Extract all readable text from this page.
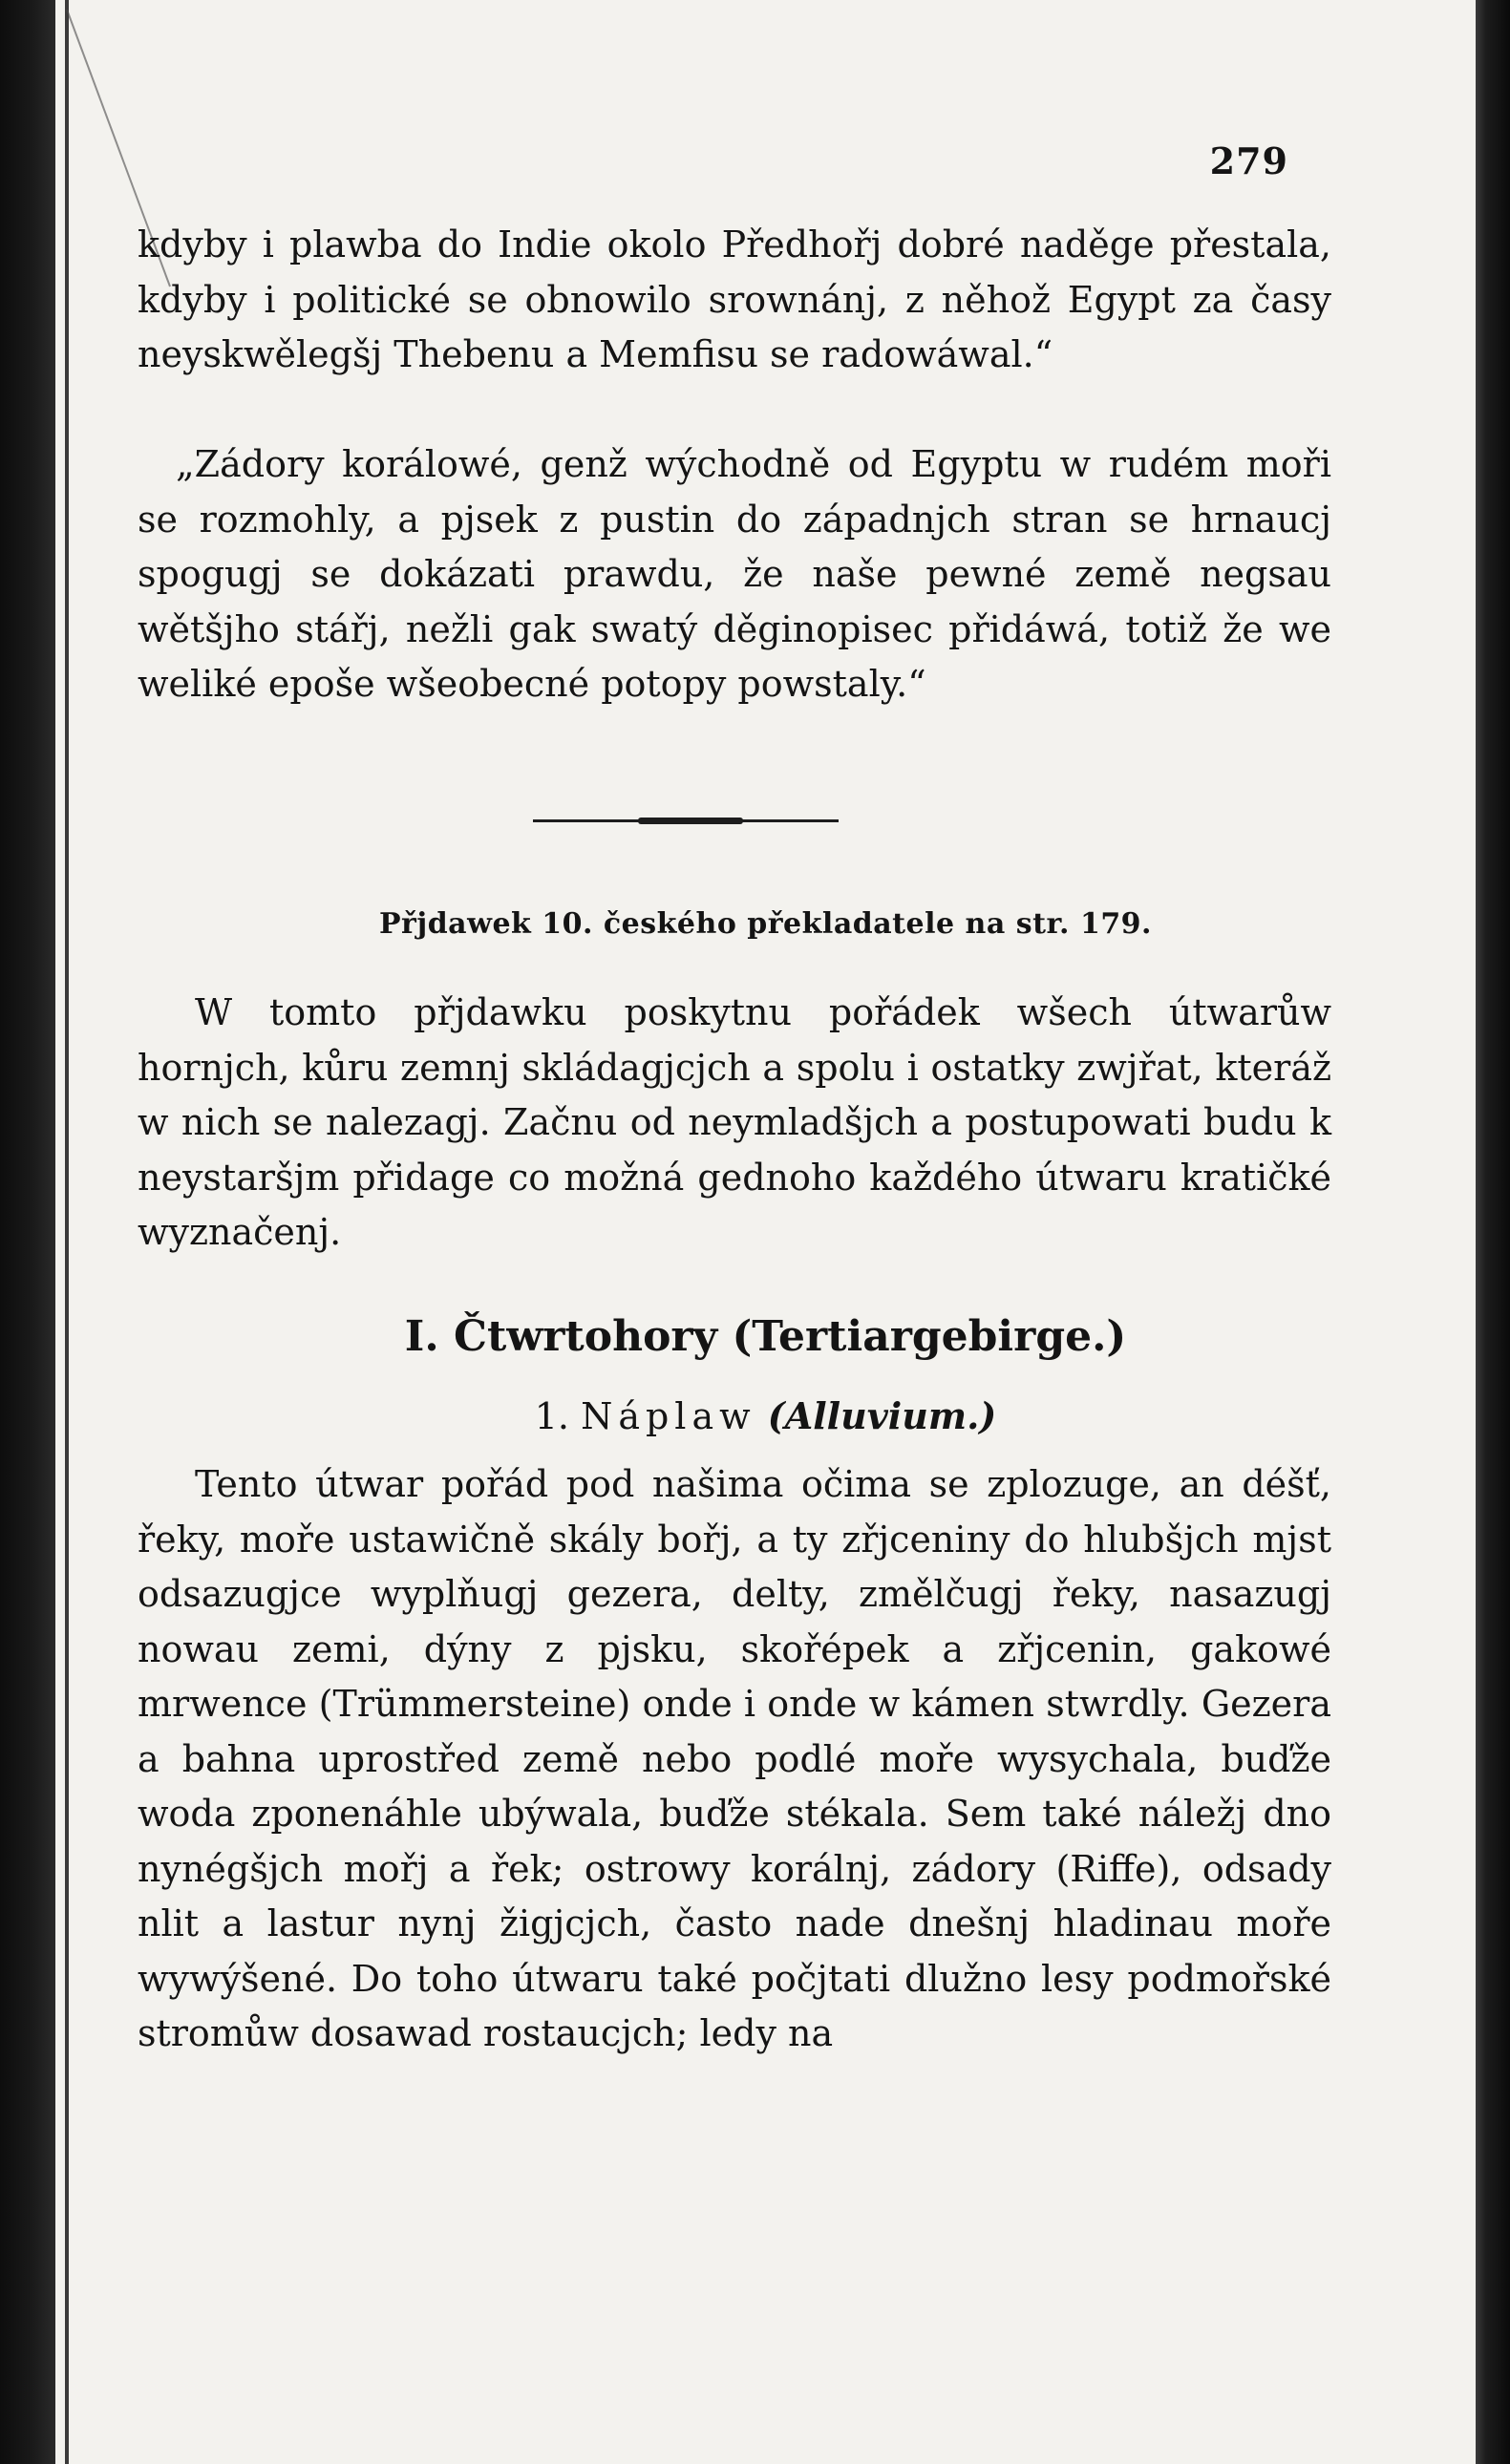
279

kdyby i plawba do Indie okolo Předhořj dobré naděge přestala, kdyby i politické se obnowilo srownánj, z něhož Egypt za časy neyskwělegšj Thebenu a Memfisu se radowáwal.“

„Zádory korálowé, genž wýchodně od Egyptu w rudém moři se rozmohly, a pjsek z pustin do západnjch stran se hrnaucj spogugj se dokázati prawdu, že naše pewné země negsau wětšjho stářj, nežli gak swatý děginopisec přidáwá, totiž že we weliké epoše wšeobecné potopy powstaly.“

Přjdawek 10. českého překladatele na str. 179.

W tomto přjdawku poskytnu pořádek wšech útwarůw hornjch, kůru zemnj skládagjcjch a spolu i ostatky zwjřat, kteráž w nich se nalezagj. Začnu od neymladšjch a postupowati budu k neystaršjm přidage co možná gednoho každého útwaru kratičké wyznačenj.

I. Čtwrtohory (Tertiargebirge.)
1. Náplaw (Alluvium.)

Tento útwar pořád pod našima očima se zplozuge, an déšť, řeky, moře ustawičně skály bořj, a ty zřjceniny do hlubšjch mjst odsazugjce wyplňugj gezera, delty, změlčugj řeky, nasazugj nowau zemi, dýny z pjsku, skořépek a zřjcenin, gakowé mrwence (Trümmersteine) onde i onde w kámen stwrdly. Gezera a bahna uprostřed země nebo podlé moře wysychala, buďže woda zponenáhle ubýwala, buďže stékala. Sem také náležj dno nynégšjch mořj a řek; ostrowy korálnj, zádory (Riffe), odsady nlit a lastur nynj žigjcjch, často nade dnešnj hladinau moře wywýšené. Do toho útwaru také počjtati dlužno lesy podmořské stromůw dosawad rostaucjch; ledy na
